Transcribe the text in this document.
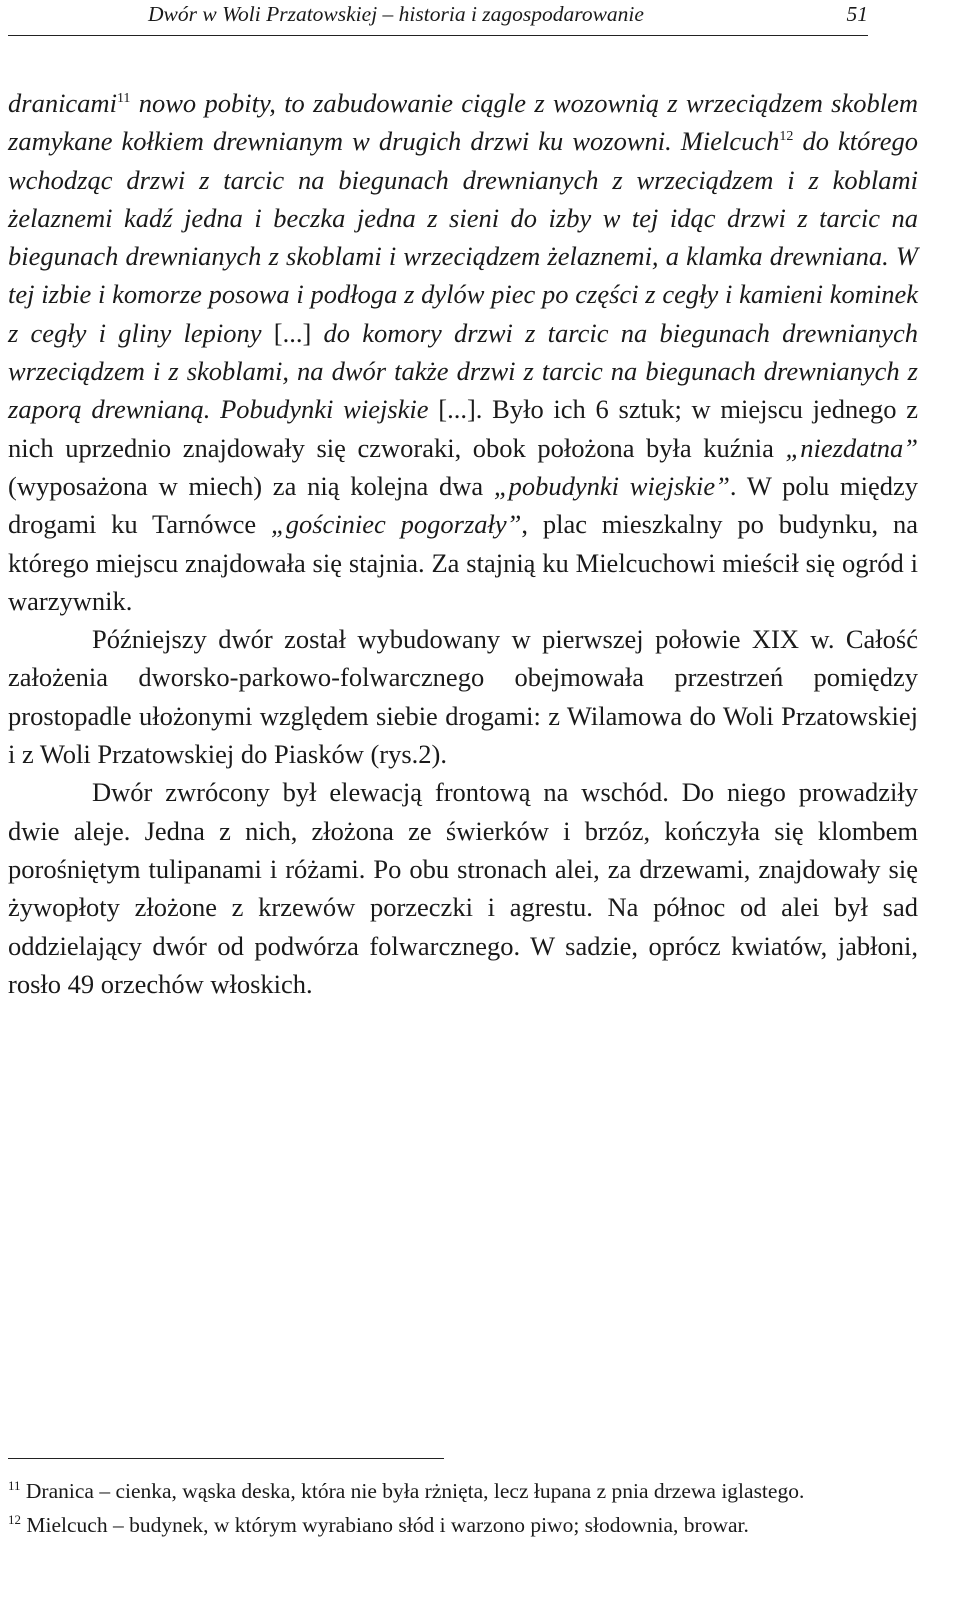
Dwór w Woli Przatowskiej – historia i zagospodarowanie	51

dranicami$^{11}$ nowo pobity, to zabudowanie ciągle z wozownią z wrzeciądzem skoblem zamykane kołkiem drewnianym w drugich drzwi ku wozowni. Mielcuch$^{12}$ do którego wchodząc drzwi z tarcic na biegunach drewnianych z wrzeciądzem i z koblami żelaznemi kadź jedna i beczka jedna z sieni do izby w tej idąc drzwi z tarcic na biegunach drewnianych z skoblami i wrzeciądzem żelaznemi, a klamka drewniana. W tej izbie i komorze posowa i podłoga z dylów piec po części z cegły i kamieni kominek z cegły i gliny lepiony [...] do komory drzwi z tarcic na biegunach drewnianych wrzeciądzem i z skoblami, na dwór także drzwi z tarcic na biegunach drewnianych z zaporą drewnianą. Pobudynki wiejskie [...]. Było ich 6 sztuk; w miejscu jednego z nich uprzednio znajdowały się czworaki, obok położona była kuźnia „niezdatna” (wyposażona w miech) za nią kolejna dwa „pobudynki wiejskie”. W polu między drogami ku Tarnówce „gościniec pogorzały”, plac mieszkalny po budynku, na którego miejscu znajdowała się stajnia. Za stajnią ku Mielcuchowi mieścił się ogród i warzywnik.

Późniejszy dwór został wybudowany w pierwszej połowie XIX w. Całość założenia dworsko-parkowo-folwarcznego obejmowała przestrzeń pomiędzy prostopadle ułożonymi względem siebie drogami: z Wilamowa do Woli Przatowskiej i z Woli Przatowskiej do Piasków (rys.2).

Dwór zwrócony był elewacją frontową na wschód. Do niego prowadziły dwie aleje. Jedna z nich, złożona ze świerków i brzóz, kończyła się klombem porośniętym tulipanami i różami. Po obu stronach alei, za drzewami, znajdowały się żywopłoty złożone z krzewów porzeczki i agrestu. Na północ od alei był sad oddzielający dwór od podwórza folwarcznego. W sadzie, oprócz kwiatów, jabłoni, rosło 49 orzechów włoskich.

$^{11}$ Dranica – cienka, wąska deska, która nie była rżnięta, lecz łupana z pnia drzewa iglastego.

$^{12}$ Mielcuch – budynek, w którym wyrabiano słód i warzono piwo; słodownia, browar.
